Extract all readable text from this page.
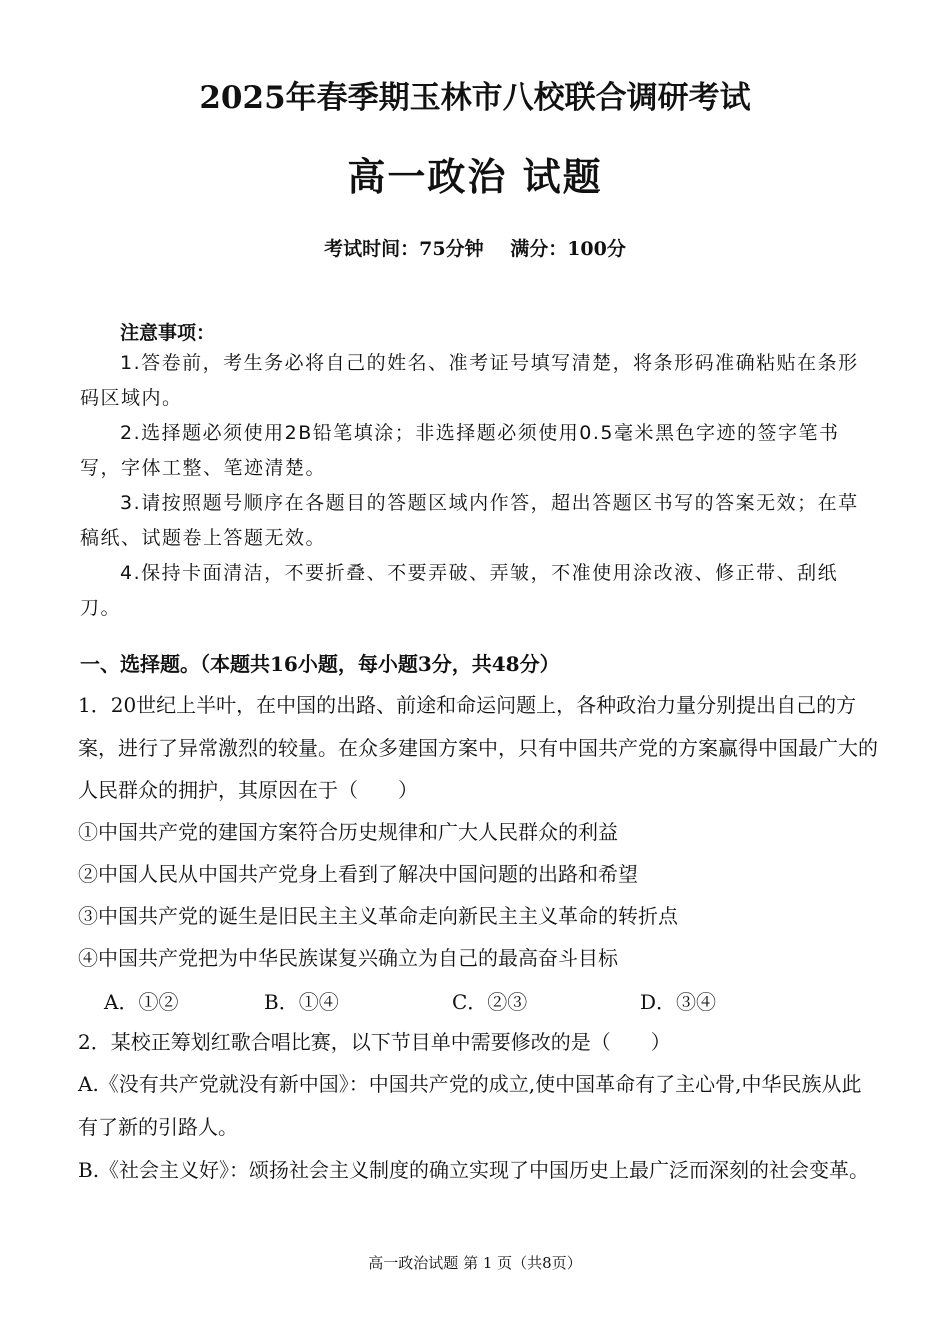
2025年春季期玉林市八校联合调研考试
高一政治 试题
考试时间：75分钟 满分：100分
注意事项：
1.答卷前，考生务必将自己的姓名、准考证号填写清楚，将条形码准确粘贴在条形码区域内。
2.选择题必须使用2B铅笔填涂；非选择题必须使用0.5毫米黑色字迹的签字笔书写，字体工整、笔迹清楚。
3.请按照题号顺序在各题目的答题区域内作答，超出答题区书写的答案无效；在草稿纸、试题卷上答题无效。
4.保持卡面清洁，不要折叠、不要弄破、弄皱，不准使用涂改液、修正带、刮纸刀。
一、选择题。（本题共16小题，每小题3分，共48分）
1．20世纪上半叶，在中国的出路、前途和命运问题上，各种政治力量分别提出自己的方案，进行了异常激烈的较量。在众多建国方案中，只有中国共产党的方案赢得中国最广大的人民群众的拥护，其原因在于（　　）
①中国共产党的建国方案符合历史规律和广大人民群众的利益
②中国人民从中国共产党身上看到了解决中国问题的出路和希望
③中国共产党的诞生是旧民主主义革命走向新民主主义革命的转折点
④中国共产党把为中华民族谋复兴确立为自己的最高奋斗目标
A．①②	B．①④	C．②③	D．③④
2．某校正筹划红歌合唱比赛，以下节目单中需要修改的是（　　）
A.《没有共产党就没有新中国》：中国共产党的成立,使中国革命有了主心骨,中华民族从此有了新的引路人。
B.《社会主义好》：颂扬社会主义制度的确立实现了中国历史上最广泛而深刻的社会变革。
高一政治试题 第 1 页（共8页）
